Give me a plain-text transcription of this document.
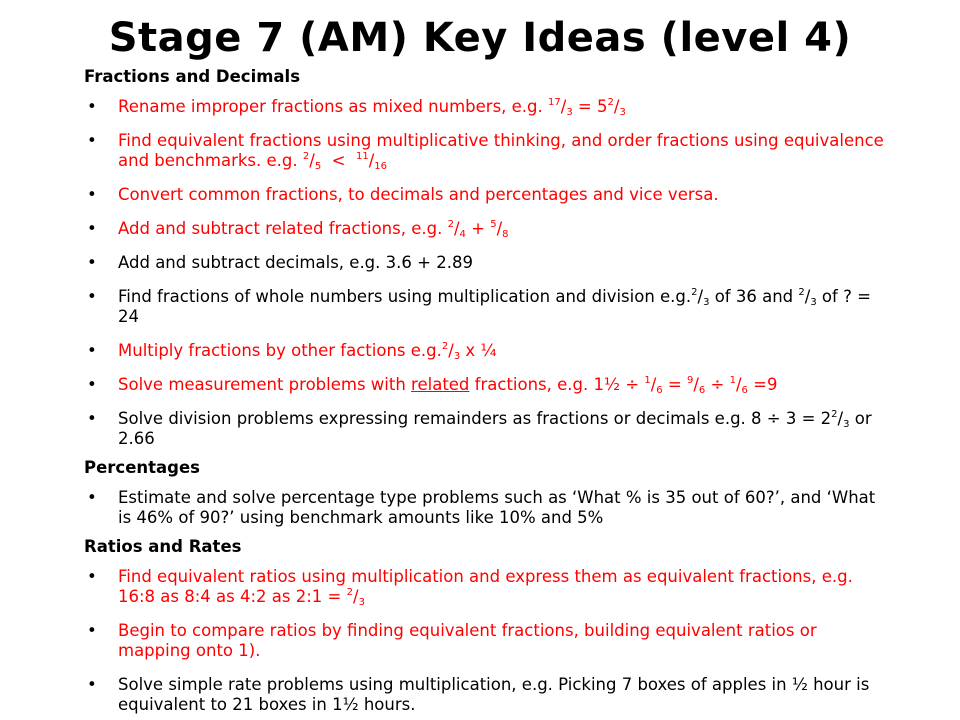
Stage 7 (AM) Key Ideas (level 4)
Fractions and Decimals
• Rename improper fractions as mixed numbers, e.g. $^{17}/_3 = 5^2/_3$
• Find equivalent fractions using multiplicative thinking, and order fractions using equivalence and benchmarks. e.g. $^2/_5 < ^{11}/_{16}$
• Convert common fractions, to decimals and percentages and vice versa.
• Add and subtract related fractions, e.g. $^2/_4 + ^5/_8$
• Add and subtract decimals, e.g. 3.6 + 2.89
• Find fractions of whole numbers using multiplication and division $e.g.^2/_3$ of 36 and $^2/_3$ of ? = 24
• Multiply fractions by other factions $e.g.^2/_3$ x ¼
• Solve measurement problems with related fractions, e.g. 1½ ÷ $^1/_6 = ^9/_6 \div ^1/_6 =9$
• Solve division problems expressing remainders as fractions or decimals e.g. $8 \div 3 = 2^2/_3$ or 2.66
Percentages
• Estimate and solve percentage type problems such as ‘What % is 35 out of 60?’, and ‘What is 46% of 90?’ using benchmark amounts like 10% and 5%
Ratios and Rates
• Find equivalent ratios using multiplication and express them as equivalent fractions, e.g. 16:8 as 8:4 as 4:2 as 2:1 = $^2/_3$
• Begin to compare ratios by finding equivalent fractions, building equivalent ratios or mapping onto 1).
• Solve simple rate problems using multiplication, e.g. Picking 7 boxes of apples in ½ hour is equivalent to 21 boxes in 1½ hours.
